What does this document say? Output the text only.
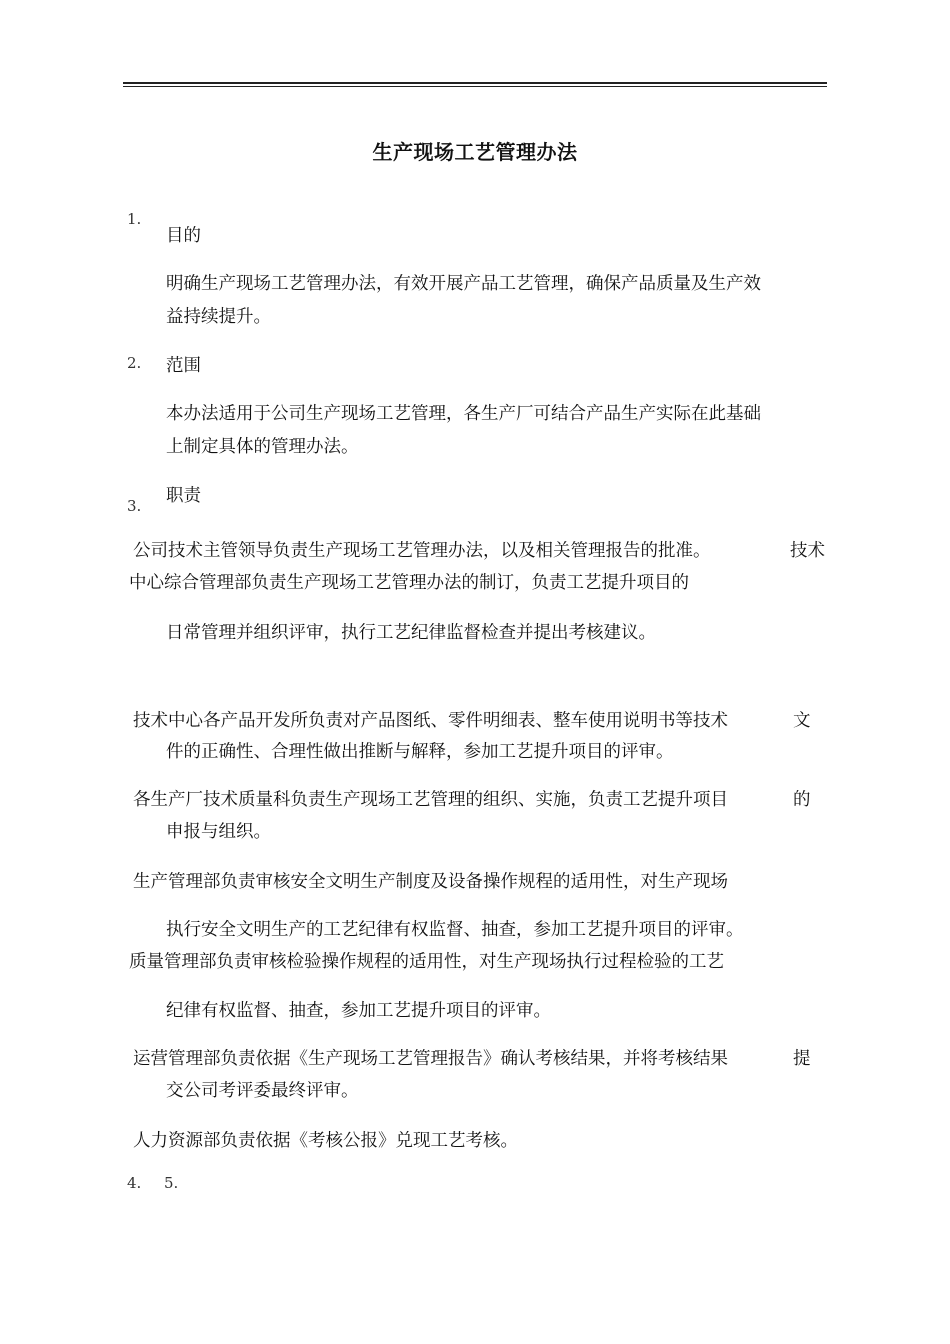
生产现场工艺管理办法
1.
目的
明确生产现场工艺管理办法，有效开展产品工艺管理，确保产品质量及生产效
益持续提升。
2. 范围
本办法适用于公司生产现场工艺管理，各生产厂可结合产品生产实际在此基础
上制定具体的管理办法。
职责
3.
公司技术主管领导负责生产现场工艺管理办法，以及相关管理报告的批准。	技术
中心综合管理部负责生产现场工艺管理办法的制订，负责工艺提升项目的
日常管理并组织评审，执行工艺纪律监督检查并提出考核建议。
技术中心各产品开发所负责对产品图纸、零件明细表、整车使用说明书等技术	文
件的正确性、合理性做出推断与解释，参加工艺提升项目的评审。
各生产厂技术质量科负责生产现场工艺管理的组织、实施，负责工艺提升项目	的
申报与组织。
生产管理部负责审核安全文明生产制度及设备操作规程的适用性，对生产现场
执行安全文明生产的工艺纪律有权监督、抽查，参加工艺提升项目的评审。
质量管理部负责审核检验操作规程的适用性，对生产现场执行过程检验的工艺
纪律有权监督、抽查，参加工艺提升项目的评审。
运营管理部负责依据《生产现场工艺管理报告》确认考核结果，并将考核结果	提
交公司考评委最终评审。
人力资源部负责依据《考核公报》兑现工艺考核。
4. 5.
